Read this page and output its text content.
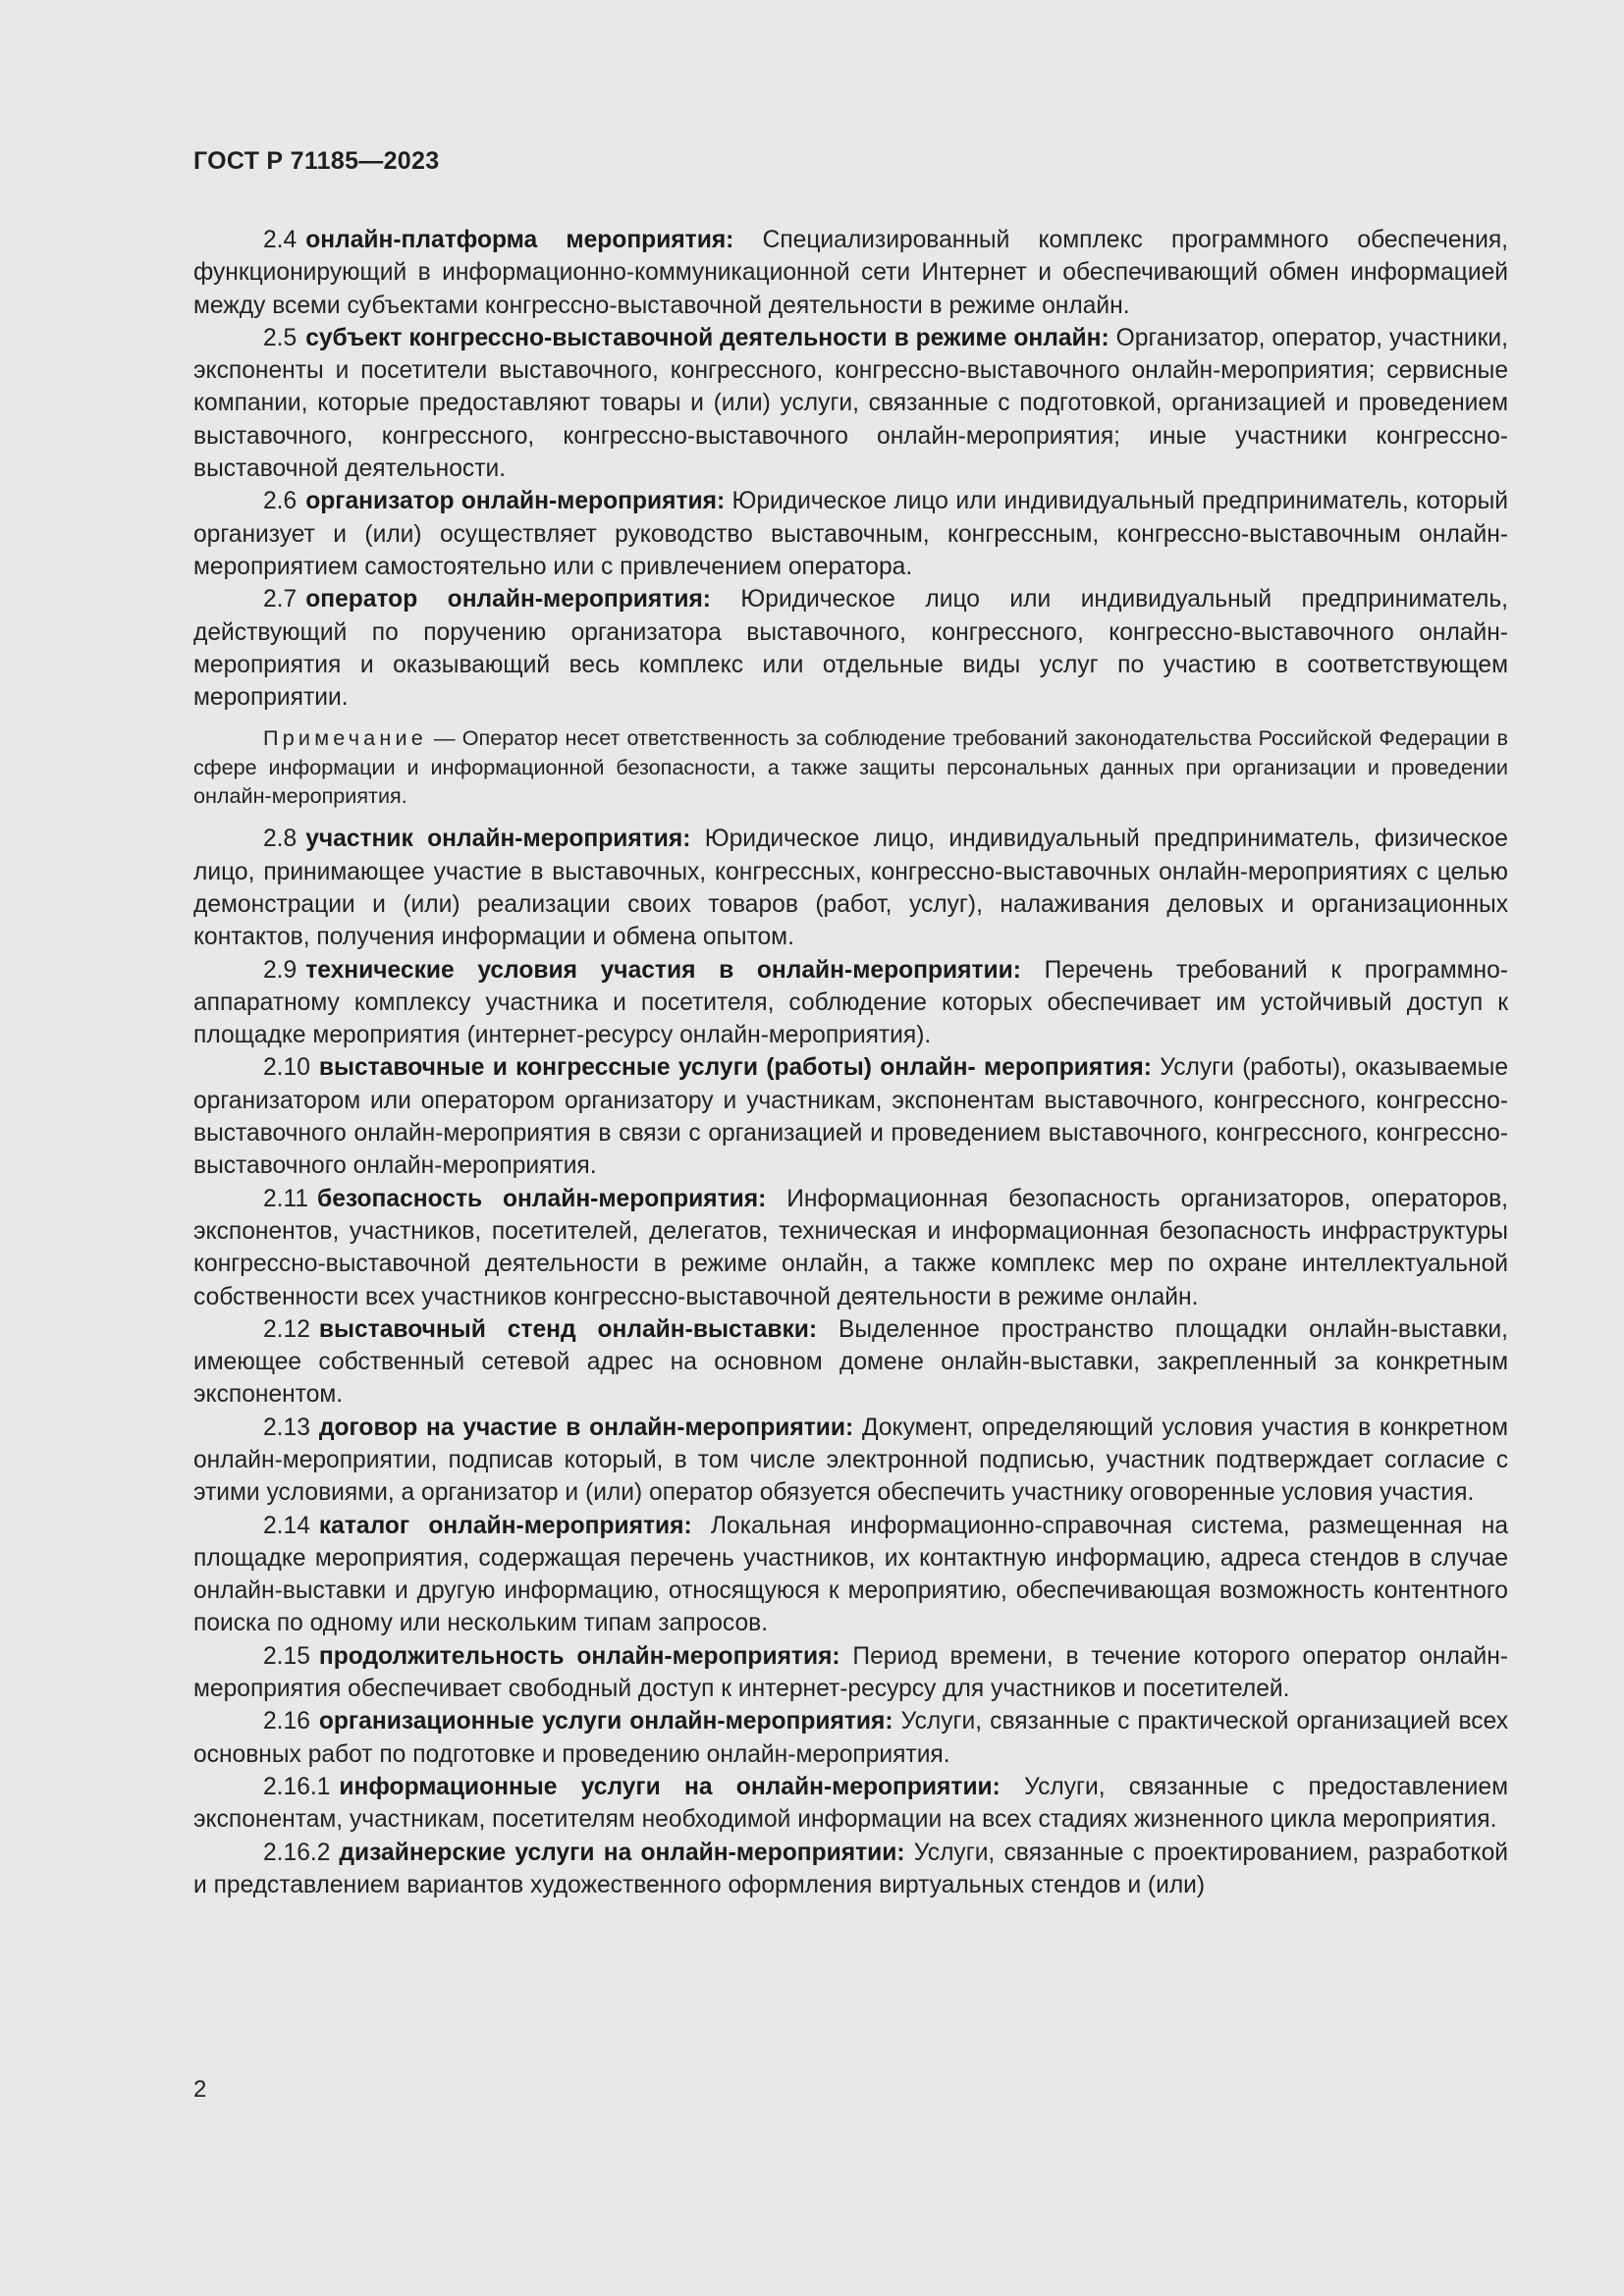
ГОСТ Р 71185—2023

2.4 онлайн-платформа мероприятия: Специализированный комплекс программного обеспечения, функционирующий в информационно-коммуникационной сети Интернет и обеспечивающий обмен информацией между всеми субъектами конгрессно-выставочной деятельности в режиме онлайн.

2.5 субъект конгрессно-выставочной деятельности в режиме онлайн: Организатор, оператор, участники, экспоненты и посетители выставочного, конгрессного, конгрессно-выставочного онлайн-мероприятия; сервисные компании, которые предоставляют товары и (или) услуги, связанные с подготовкой, организацией и проведением выставочного, конгрессного, конгрессно-выставочного онлайн-мероприятия; иные участники конгрессно-выставочной деятельности.

2.6 организатор онлайн-мероприятия: Юридическое лицо или индивидуальный предприниматель, который организует и (или) осуществляет руководство выставочным, конгрессным, конгрессно-выставочным онлайн-мероприятием самостоятельно или с привлечением оператора.

2.7 оператор онлайн-мероприятия: Юридическое лицо или индивидуальный предприниматель, действующий по поручению организатора выставочного, конгрессного, конгрессно-выставочного онлайн-мероприятия и оказывающий весь комплекс или отдельные виды услуг по участию в соответствующем мероприятии.

Примечание — Оператор несет ответственность за соблюдение требований законодательства Российской Федерации в сфере информации и информационной безопасности, а также защиты персональных данных при организации и проведении онлайн-мероприятия.

2.8 участник онлайн-мероприятия: Юридическое лицо, индивидуальный предприниматель, физическое лицо, принимающее участие в выставочных, конгрессных, конгрессно-выставочных онлайн-мероприятиях с целью демонстрации и (или) реализации своих товаров (работ, услуг), налаживания деловых и организационных контактов, получения информации и обмена опытом.

2.9 технические условия участия в онлайн-мероприятии: Перечень требований к программно-аппаратному комплексу участника и посетителя, соблюдение которых обеспечивает им устойчивый доступ к площадке мероприятия (интернет-ресурсу онлайн-мероприятия).

2.10 выставочные и конгрессные услуги (работы) онлайн- мероприятия: Услуги (работы), оказываемые организатором или оператором организатору и участникам, экспонентам выставочного, конгрессного, конгрессно-выставочного онлайн-мероприятия в связи с организацией и проведением выставочного, конгрессного, конгрессно-выставочного онлайн-мероприятия.

2.11 безопасность онлайн-мероприятия: Информационная безопасность организаторов, операторов, экспонентов, участников, посетителей, делегатов, техническая и информационная безопасность инфраструктуры конгрессно-выставочной деятельности в режиме онлайн, а также комплекс мер по охране интеллектуальной собственности всех участников конгрессно-выставочной деятельности в режиме онлайн.

2.12 выставочный стенд онлайн-выставки: Выделенное пространство площадки онлайн-выставки, имеющее собственный сетевой адрес на основном домене онлайн-выставки, закрепленный за конкретным экспонентом.

2.13 договор на участие в онлайн-мероприятии: Документ, определяющий условия участия в конкретном онлайн-мероприятии, подписав который, в том числе электронной подписью, участник подтверждает согласие с этими условиями, а организатор и (или) оператор обязуется обеспечить участнику оговоренные условия участия.

2.14 каталог онлайн-мероприятия: Локальная информационно-справочная система, размещенная на площадке мероприятия, содержащая перечень участников, их контактную информацию, адреса стендов в случае онлайн-выставки и другую информацию, относящуюся к мероприятию, обеспечивающая возможность контентного поиска по одному или нескольким типам запросов.

2.15 продолжительность онлайн-мероприятия: Период времени, в течение которого оператор онлайн-мероприятия обеспечивает свободный доступ к интернет-ресурсу для участников и посетителей.

2.16 организационные услуги онлайн-мероприятия: Услуги, связанные с практической организацией всех основных работ по подготовке и проведению онлайн-мероприятия.

2.16.1 информационные услуги на онлайн-мероприятии: Услуги, связанные с предоставлением экспонентам, участникам, посетителям необходимой информации на всех стадиях жизненного цикла мероприятия.

2.16.2 дизайнерские услуги на онлайн-мероприятии: Услуги, связанные с проектированием, разработкой и представлением вариантов художественного оформления виртуальных стендов и (или)

2
